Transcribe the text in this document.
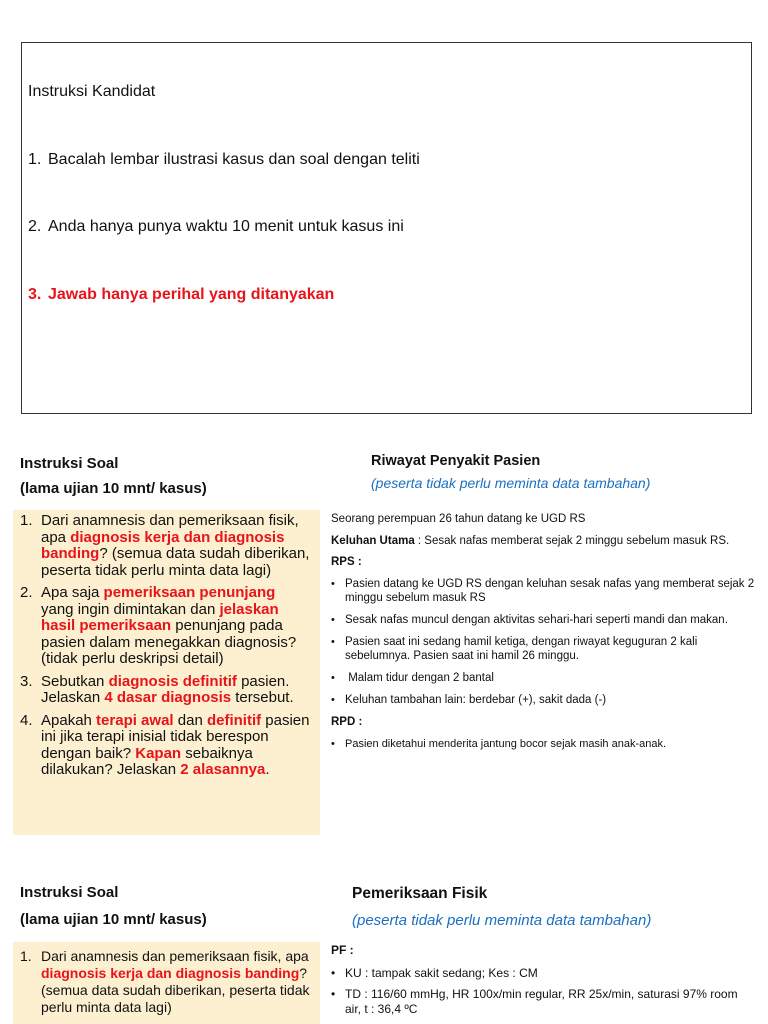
Instruksi Kandidat
1. Bacalah lembar ilustrasi kasus dan soal dengan teliti
2. Anda hanya punya waktu 10 menit untuk kasus ini
3. Jawab hanya perihal yang ditanyakan
Instruksi Soal
(lama ujian 10 mnt/ kasus)
1. Dari anamnesis dan pemeriksaan fisik, apa diagnosis kerja dan diagnosis banding? (semua data sudah diberikan, peserta tidak perlu minta data lagi)
2. Apa saja pemeriksaan penunjang yang ingin dimintakan dan jelaskan hasil pemeriksaan penunjang pada pasien dalam menegakkan diagnosis? (tidak perlu deskripsi detail)
3. Sebutkan diagnosis definitif pasien. Jelaskan 4 dasar diagnosis tersebut.
4. Apakah terapi awal dan definitif pasien ini jika terapi inisial tidak berespon dengan baik? Kapan sebaiknya dilakukan? Jelaskan 2 alasannya.
Riwayat Penyakit Pasien
(peserta tidak perlu meminta data tambahan)
Seorang perempuan 26 tahun datang ke UGD RS
Keluhan Utama : Sesak nafas memberat sejak 2 minggu sebelum masuk RS.
RPS :
• Pasien datang ke UGD RS dengan keluhan sesak nafas yang memberat sejak 2 minggu sebelum masuk RS
• Sesak nafas muncul dengan aktivitas sehari-hari seperti mandi dan makan.
• Pasien saat ini sedang hamil ketiga, dengan riwayat keguguran 2 kali sebelumnya. Pasien saat ini hamil 26 minggu.
• Malam tidur dengan 2 bantal
• Keluhan tambahan lain: berdebar (+), sakit dada (-)
RPD :
• Pasien diketahui menderita jantung bocor sejak masih anak-anak.
Instruksi Soal
(lama ujian 10 mnt/ kasus)
1. Dari anamnesis dan pemeriksaan fisik, apa diagnosis kerja dan diagnosis banding? (semua data sudah diberikan, peserta tidak perlu minta data lagi)
Pemeriksaan Fisik
(peserta tidak perlu meminta data tambahan)
PF :
• KU : tampak sakit sedang; Kes : CM
• TD : 116/60 mmHg, HR 100x/min regular, RR 25x/min, saturasi 97% room air, t : 36,4 ºC
